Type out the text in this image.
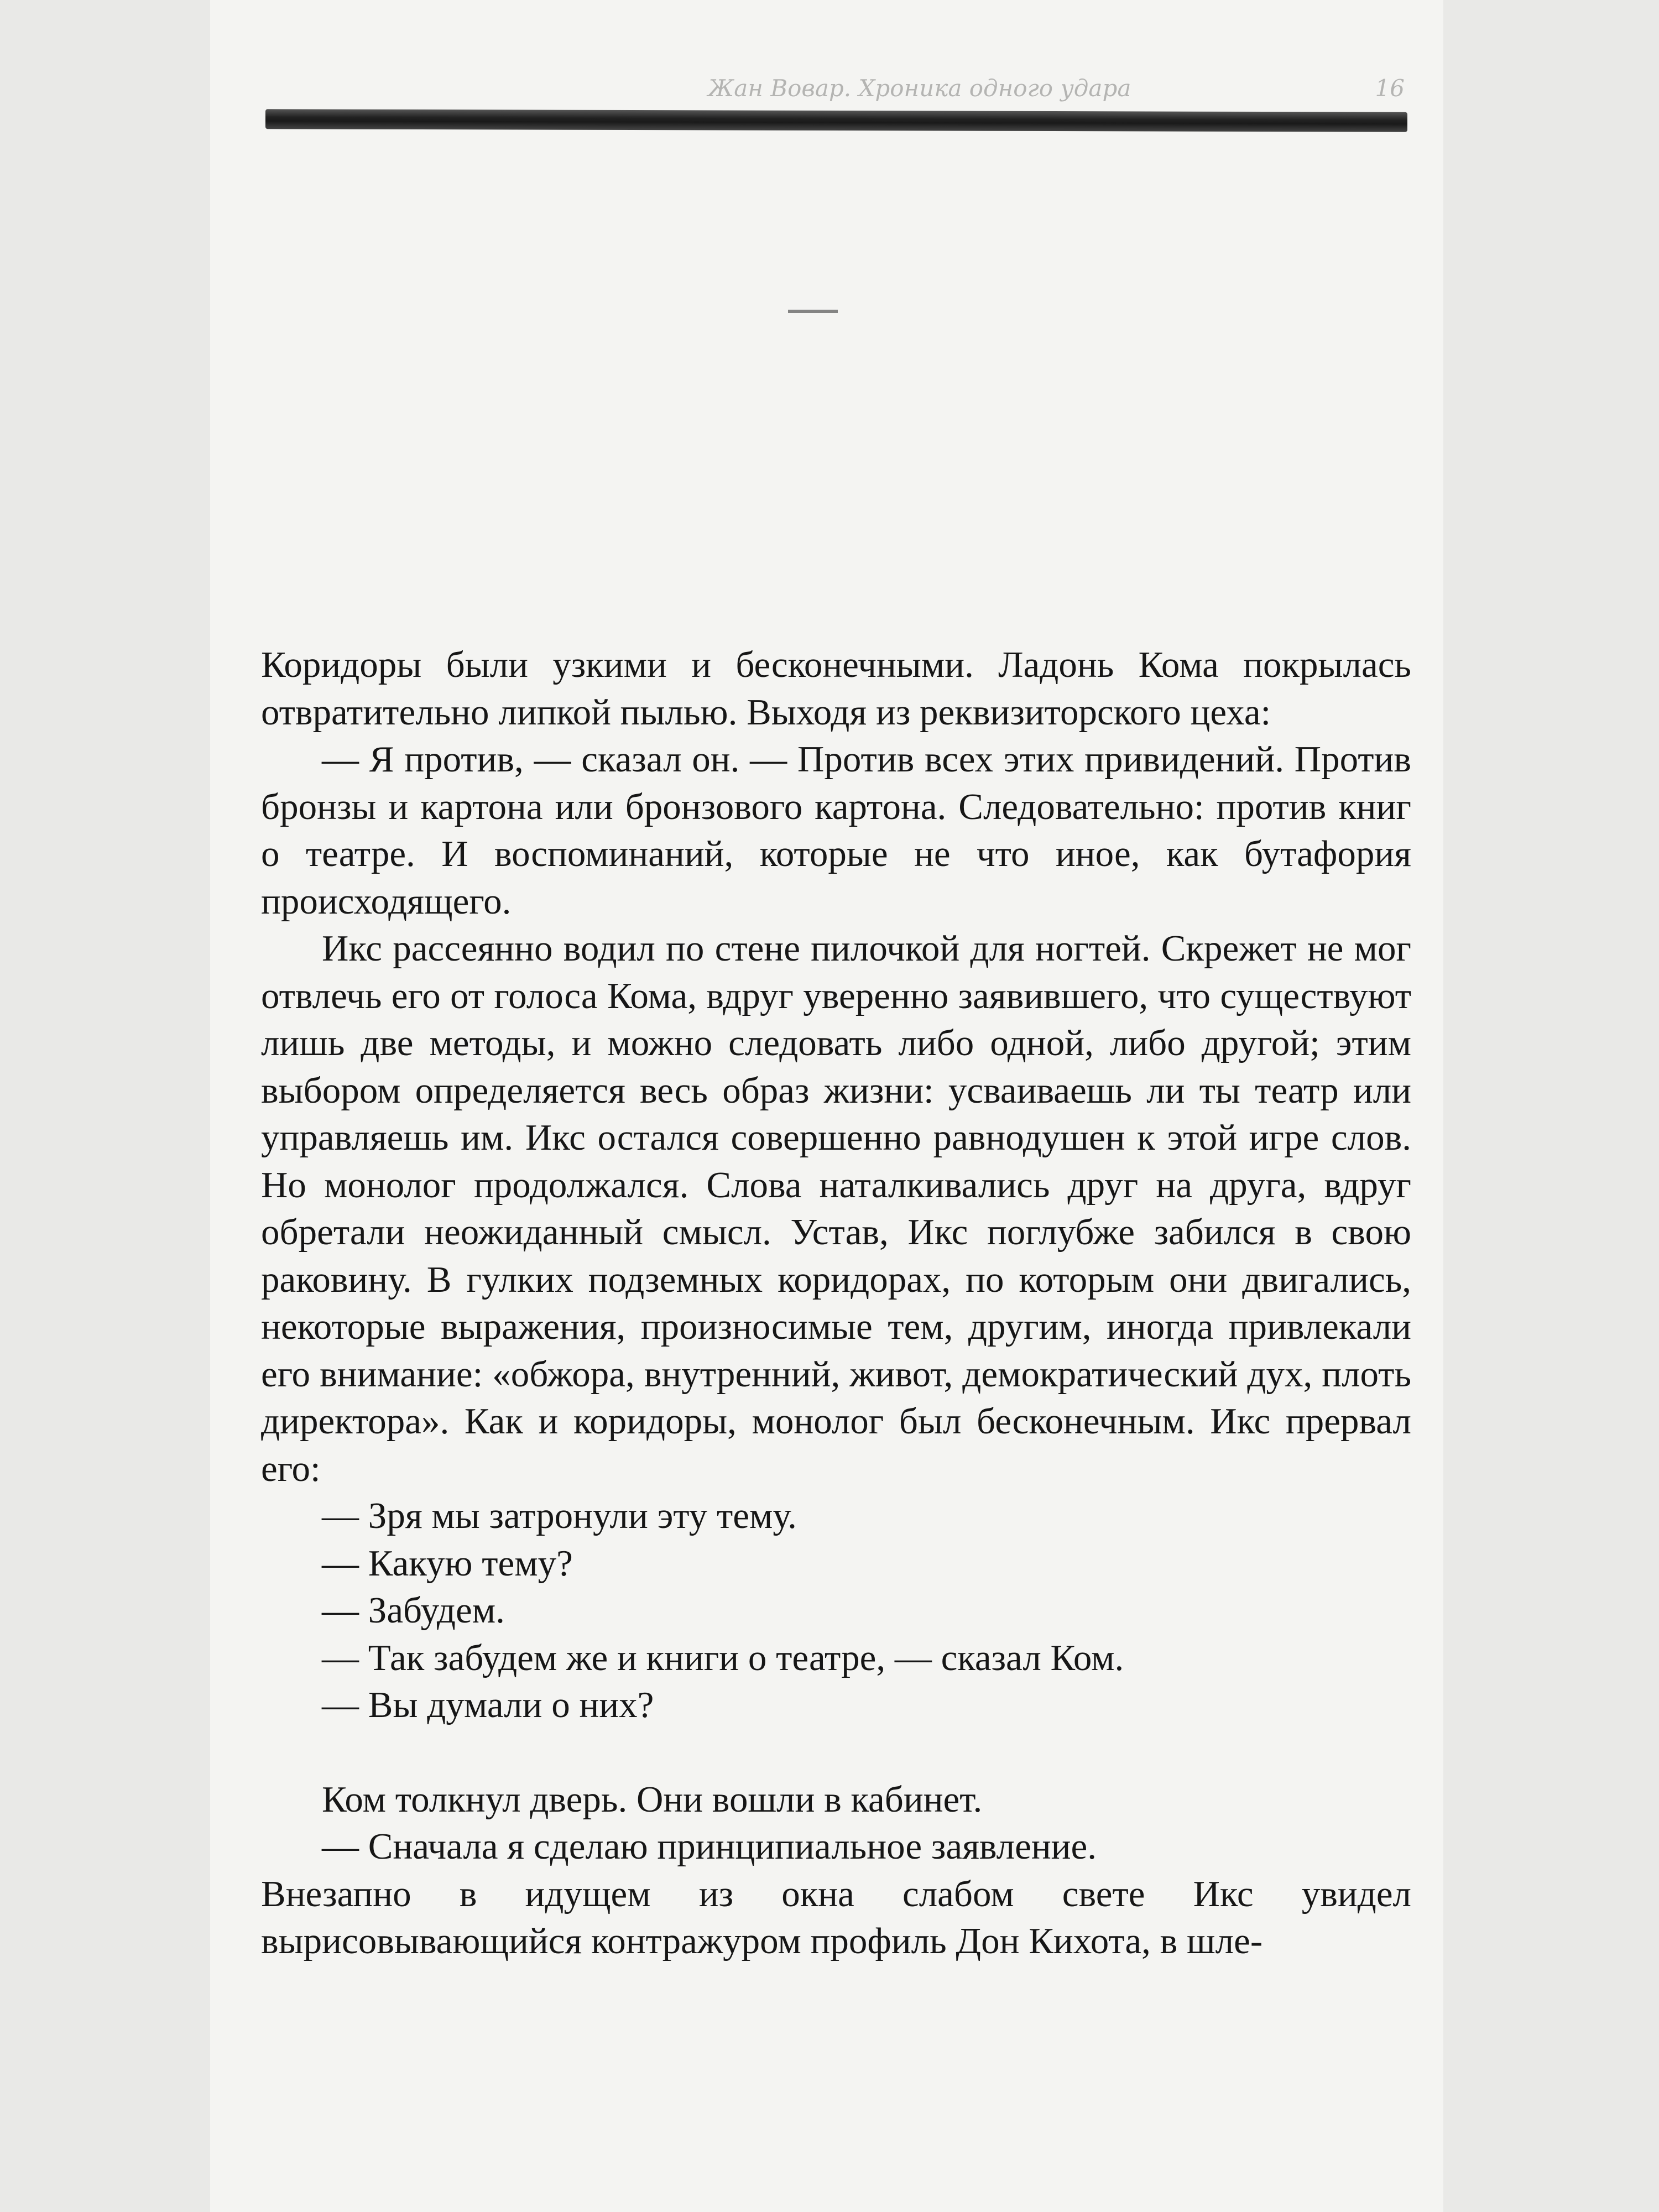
Жан Вовар. Хроника одного удара	16

Коридоры были узкими и бесконечными. Ладонь Кома покрылась отвратительно липкой пылью. Выходя из реквизиторского цеха:

— Я против, — сказал он. — Против всех этих привидений. Против бронзы и картона или бронзового картона. Следовательно: против книг о театре. И воспоминаний, которые не что иное, как бутафория происходящего.

Икс рассеянно водил по стене пилочкой для ногтей. Скрежет не мог отвлечь его от голоса Кома, вдруг уверенно заявившего, что существуют лишь две методы, и можно следовать либо одной, либо другой; этим выбором определяется весь образ жизни: усваиваешь ли ты театр или управляешь им. Икс остался совершенно равнодушен к этой игре слов. Но монолог продолжался. Слова наталкивались друг на друга, вдруг обретали неожиданный смысл. Устав, Икс поглубже забился в свою раковину. В гулких подземных коридорах, по которым они двигались, некоторые выражения, произносимые тем, другим, иногда привлекали его внимание: «обжора, внутренний, живот, демократический дух, плоть директора». Как и коридоры, монолог был бесконечным. Икс прервал его:

— Зря мы затронули эту тему.

— Какую тему?

— Забудем.

— Так забудем же и книги о театре, — сказал Ком.

— Вы думали о них?

Ком толкнул дверь. Они вошли в кабинет.

— Сначала я сделаю принципиальное заявление.

Внезапно в идущем из окна слабом свете Икс увидел вырисовывающийся контражуром профиль Дон Кихота, в шле-
